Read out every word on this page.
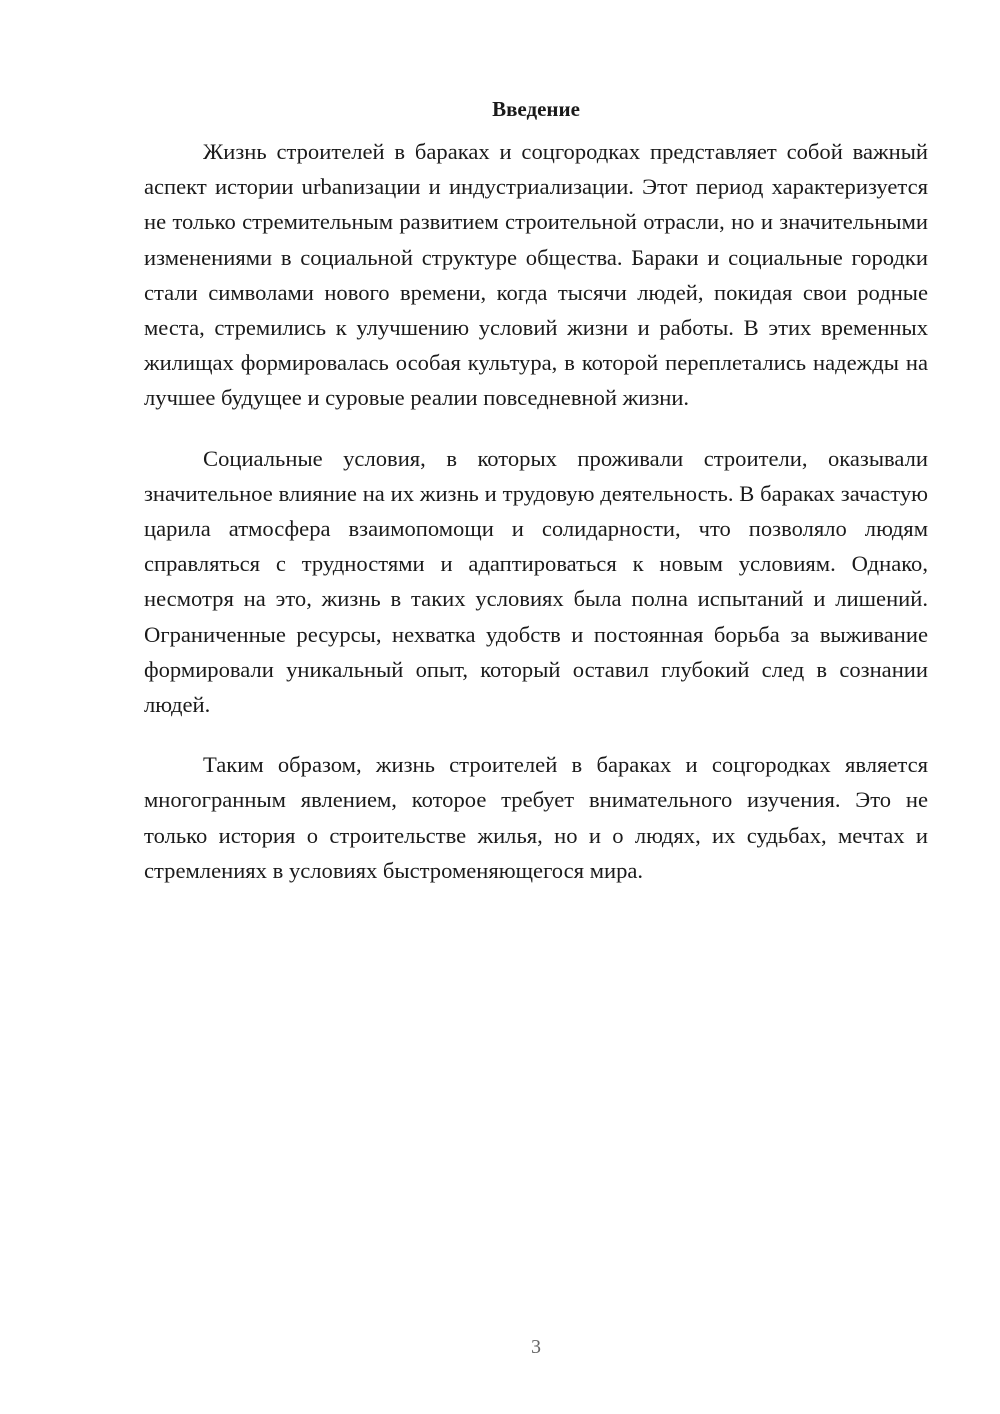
Введение

Жизнь строителей в бараках и соцгородках представляет собой важный аспект истории urbanизации и индустриализации. Этот период характеризуется не только стремительным развитием строительной отрасли, но и значительными изменениями в социальной структуре общества. Бараки и социальные городки стали символами нового времени, когда тысячи людей, покидая свои родные места, стремились к улучшению условий жизни и работы. В этих временных жилищах формировалась особая культура, в которой переплетались надежды на лучшее будущее и суровые реалии повседневной жизни.

Социальные условия, в которых проживали строители, оказывали значительное влияние на их жизнь и трудовую деятельность. В бараках зачастую царила атмосфера взаимопомощи и солидарности, что позволяло людям справляться с трудностями и адаптироваться к новым условиям. Однако, несмотря на это, жизнь в таких условиях была полна испытаний и лишений. Ограниченные ресурсы, нехватка удобств и постоянная борьба за выживание формировали уникальный опыт, который оставил глубокий след в сознании людей.

Таким образом, жизнь строителей в бараках и соцгородках является многогранным явлением, которое требует внимательного изучения. Это не только история о строительстве жилья, но и о людях, их судьбах, мечтах и стремлениях в условиях быстроменяющегося мира.

3
